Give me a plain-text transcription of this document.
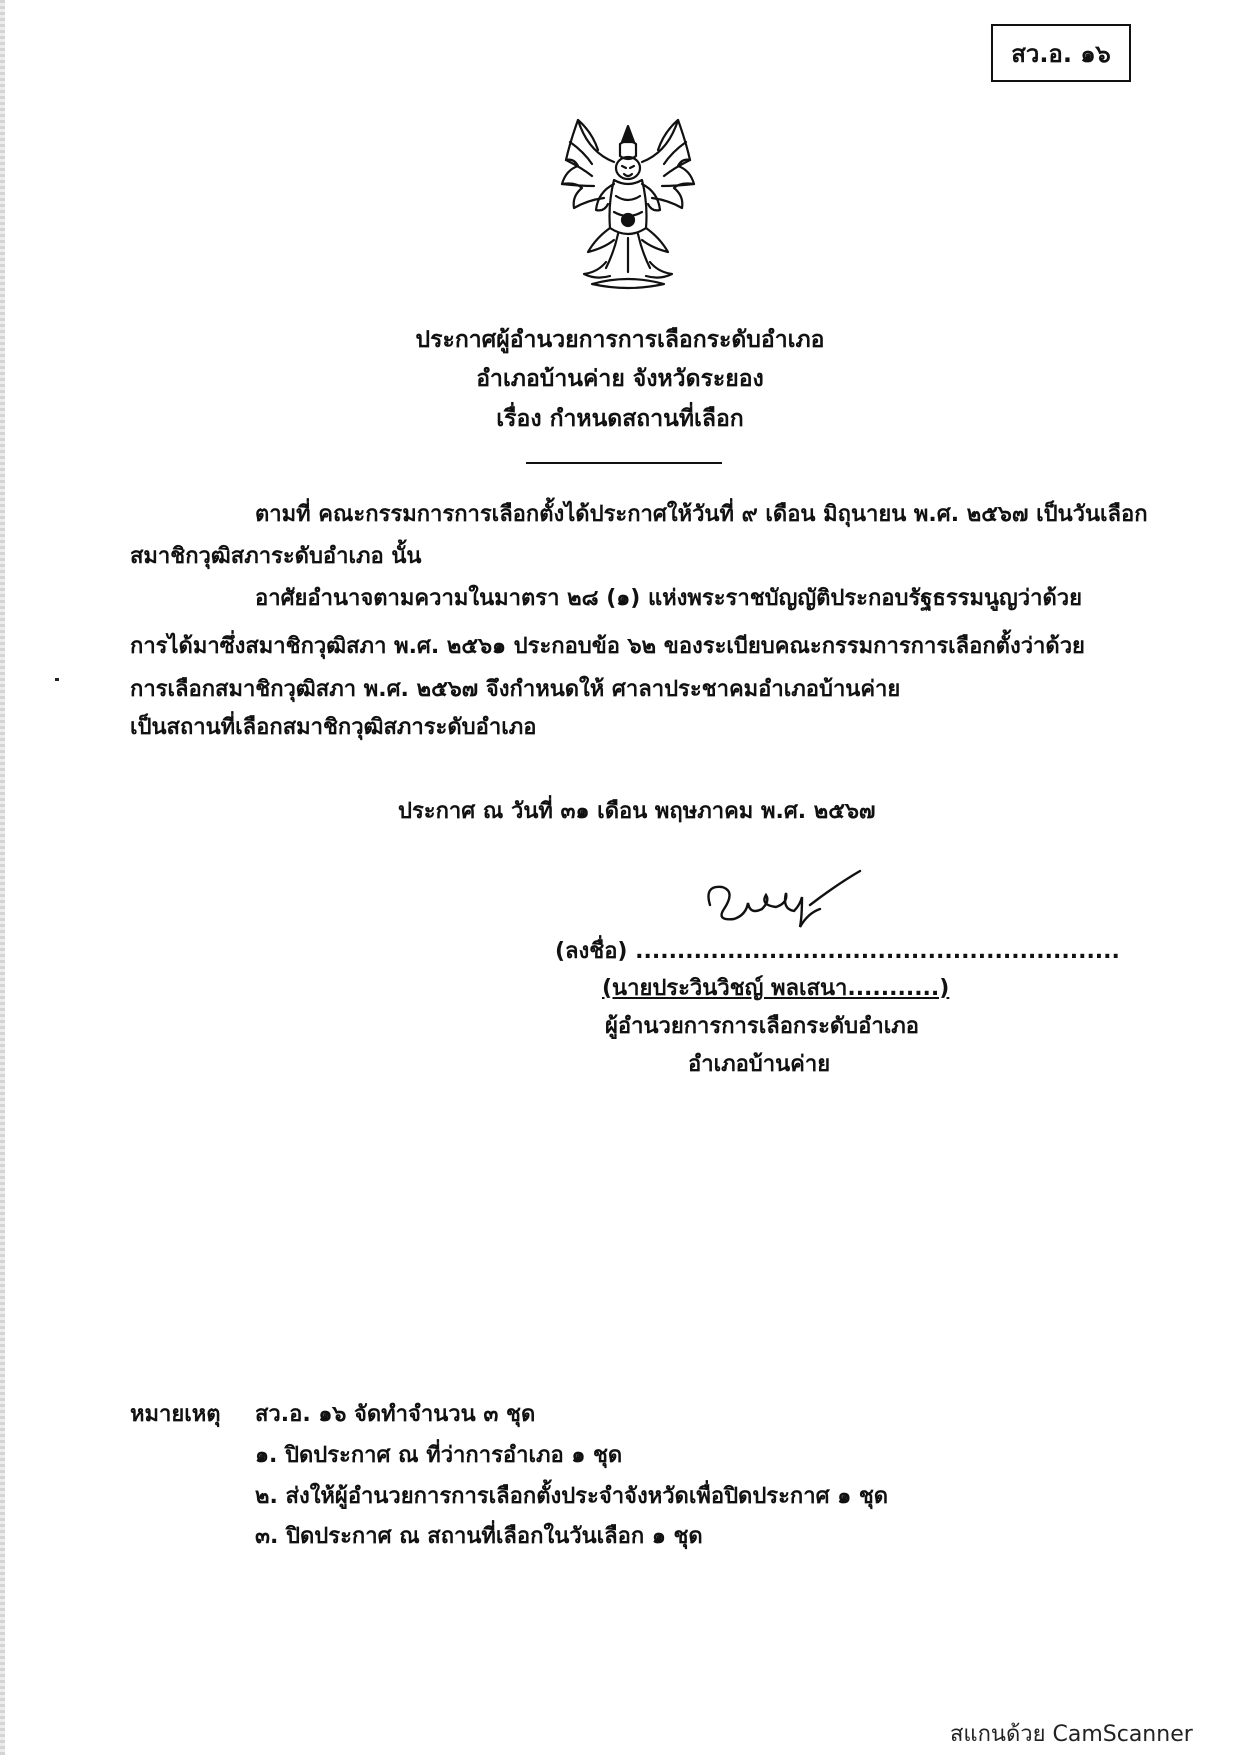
สว.อ. ๑๖
ประกาศผู้อำนวยการการเลือกระดับอำเภอ
อำเภอบ้านค่าย จังหวัดระยอง
เรื่อง กำหนดสถานที่เลือก
ตามที่ คณะกรรมการการเลือกตั้งได้ประกาศให้วันที่ ๙ เดือน มิถุนายน พ.ศ. ๒๕๖๗ เป็นวันเลือก
สมาชิกวุฒิสภาระดับอำเภอ นั้น
อาศัยอำนาจตามความในมาตรา ๒๘ (๑) แห่งพระราชบัญญัติประกอบรัฐธรรมนูญว่าด้วย
การได้มาซึ่งสมาชิกวุฒิสภา พ.ศ. ๒๕๖๑ ประกอบข้อ ๖๒ ของระเบียบคณะกรรมการการเลือกตั้งว่าด้วย
การเลือกสมาชิกวุฒิสภา พ.ศ. ๒๕๖๗ จึงกำหนดให้ ศาลาประชาคมอำเภอบ้านค่าย
เป็นสถานที่เลือกสมาชิกวุฒิสภาระดับอำเภอ
ประกาศ ณ วันที่ ๓๑ เดือน พฤษภาคม พ.ศ. ๒๕๖๗
(ลงชื่อ) ..........................................................
(นายประวินวิชญ์ พลเสนา...........)
ผู้อำนวยการการเลือกระดับอำเภอ
อำเภอบ้านค่าย
หมายเหตุ สว.อ. ๑๖ จัดทำจำนวน ๓ ชุด
๑. ปิดประกาศ ณ ที่ว่าการอำเภอ ๑ ชุด
๒. ส่งให้ผู้อำนวยการการเลือกตั้งประจำจังหวัดเพื่อปิดประกาศ ๑ ชุด
๓. ปิดประกาศ ณ สถานที่เลือกในวันเลือก ๑ ชุด
สแกนด้วย CamScanner
